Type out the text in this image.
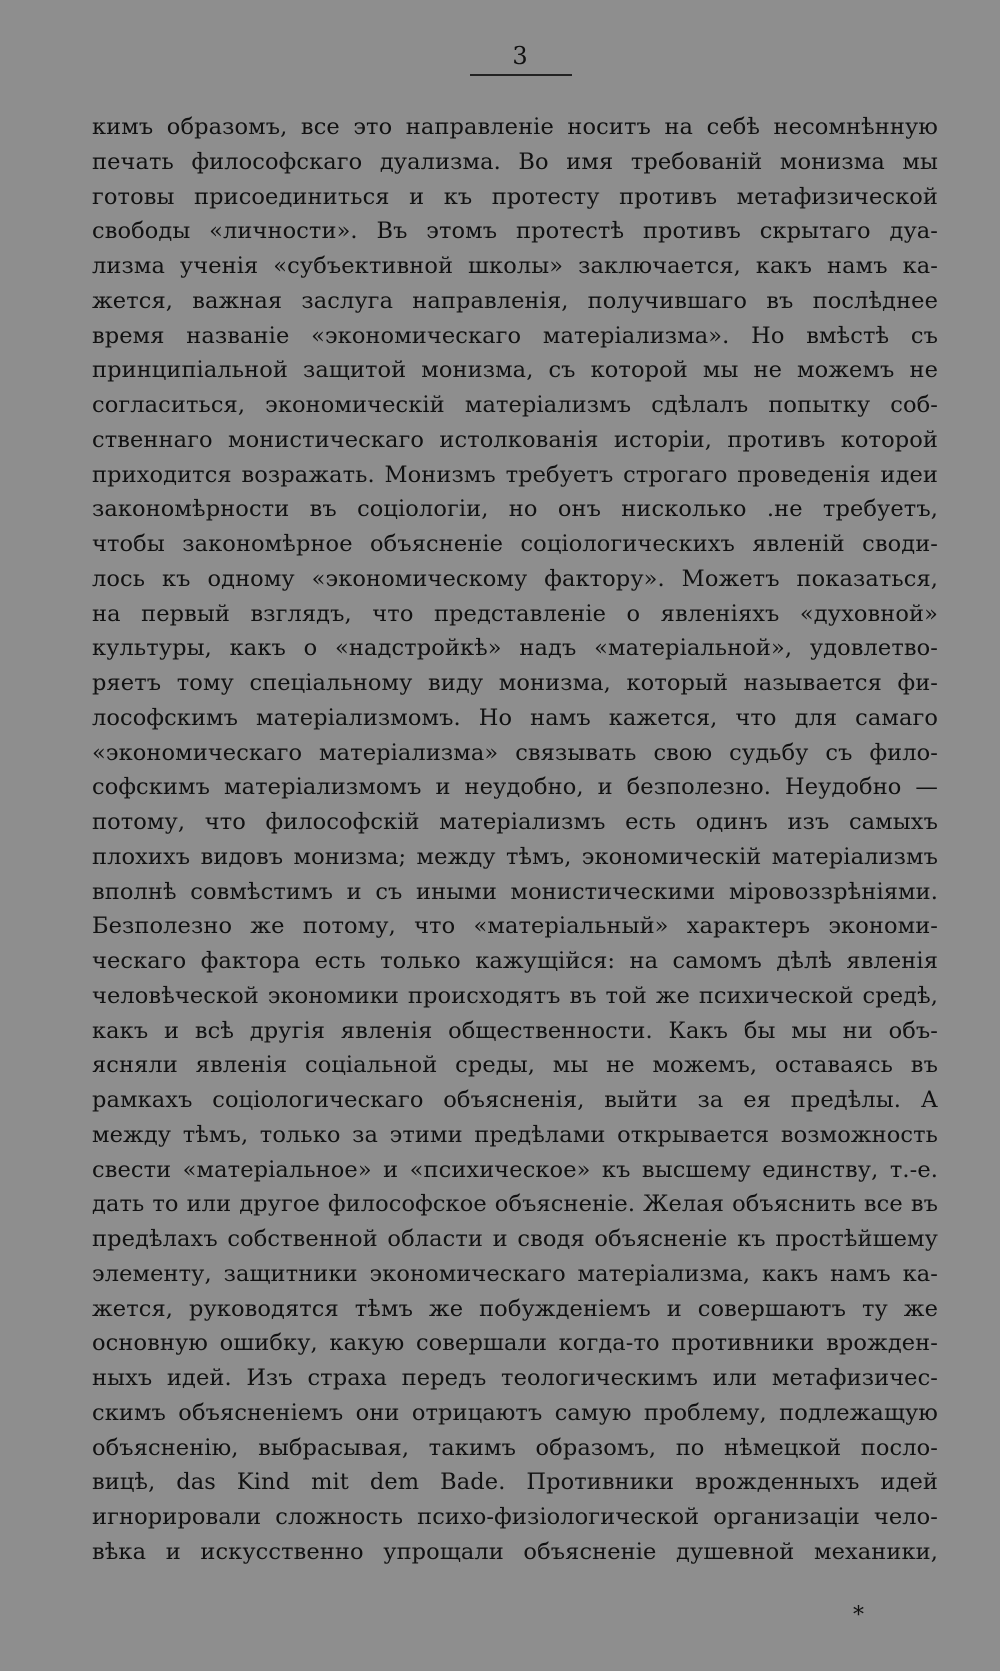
3
кимъ образомъ, все это направленіе носитъ на себѣ несомнѣнную
печать философскаго дуализма. Во имя требованій монизма мы
готовы присоединиться и къ протесту противъ метафизической
свободы «личности». Въ этомъ протестѣ противъ скрытаго дуа-
лизма ученія «субъективной школы» заключается, какъ намъ ка-
жется, важная заслуга направленія, получившаго въ послѣднее
время названіе «экономическаго матеріализма». Но вмѣстѣ съ
принципіальной защитой монизма, съ которой мы не можемъ не
согласиться, экономическій матеріализмъ сдѣлалъ попытку соб-
ственнаго монистическаго истолкованія исторіи, противъ которой
приходится возражать. Монизмъ требуетъ строгаго проведенія идеи
закономѣрности въ соціологіи, но онъ нисколько .не требуетъ,
чтобы закономѣрное объясненіе соціологическихъ явленій своди-
лось къ одному «экономическому фактору». Можетъ показаться,
на первый взглядъ, что представленіе о явленіяхъ «духовной»
культуры, какъ о «надстройкѣ» надъ «матеріальной», удовлетво-
ряетъ тому спеціальному виду монизма, который называется фи-
лософскимъ матеріализмомъ. Но намъ кажется, что для самаго
«экономическаго матеріализма» связывать свою судьбу съ фило-
софскимъ матеріализмомъ и неудобно, и безполезно. Неудобно —
потому, что философскій матеріализмъ есть одинъ изъ самыхъ
плохихъ видовъ монизма; между тѣмъ, экономическій матеріализмъ
вполнѣ совмѣстимъ и съ иными монистическими міровоззрѣніями.
Безполезно же потому, что «матеріальный» характеръ экономи-
ческаго фактора есть только кажущійся: на самомъ дѣлѣ явленія
человѣческой экономики происходятъ въ той же психической средѣ,
какъ и всѣ другія явленія общественности. Какъ бы мы ни объ-
ясняли явленія соціальной среды, мы не можемъ, оставаясь въ
рамкахъ соціологическаго объясненія, выйти за ея предѣлы. А
между тѣмъ, только за этими предѣлами открывается возможность
свести «матеріальное» и «психическое» къ высшему единству, т.-е.
дать то или другое философское объясненіе. Желая объяснить все въ
предѣлахъ собственной области и сводя объясненіе къ простѣйшему
элементу, защитники экономическаго матеріализма, какъ намъ ка-
жется, руководятся тѣмъ же побужденіемъ и совершаютъ ту же
основную ошибку, какую совершали когда-то противники врожден-
ныхъ идей. Изъ страха передъ теологическимъ или метафизичес-
скимъ объясненіемъ они отрицаютъ самую проблему, подлежащую
объясненію, выбрасывая, такимъ образомъ, по нѣмецкой посло-
вицѣ, das Kind mit dem Bade. Противники врожденныхъ идей
игнорировали сложность психо-физіологической организаціи чело-
вѣка и искусственно упрощали объясненіе душевной механики,
*
